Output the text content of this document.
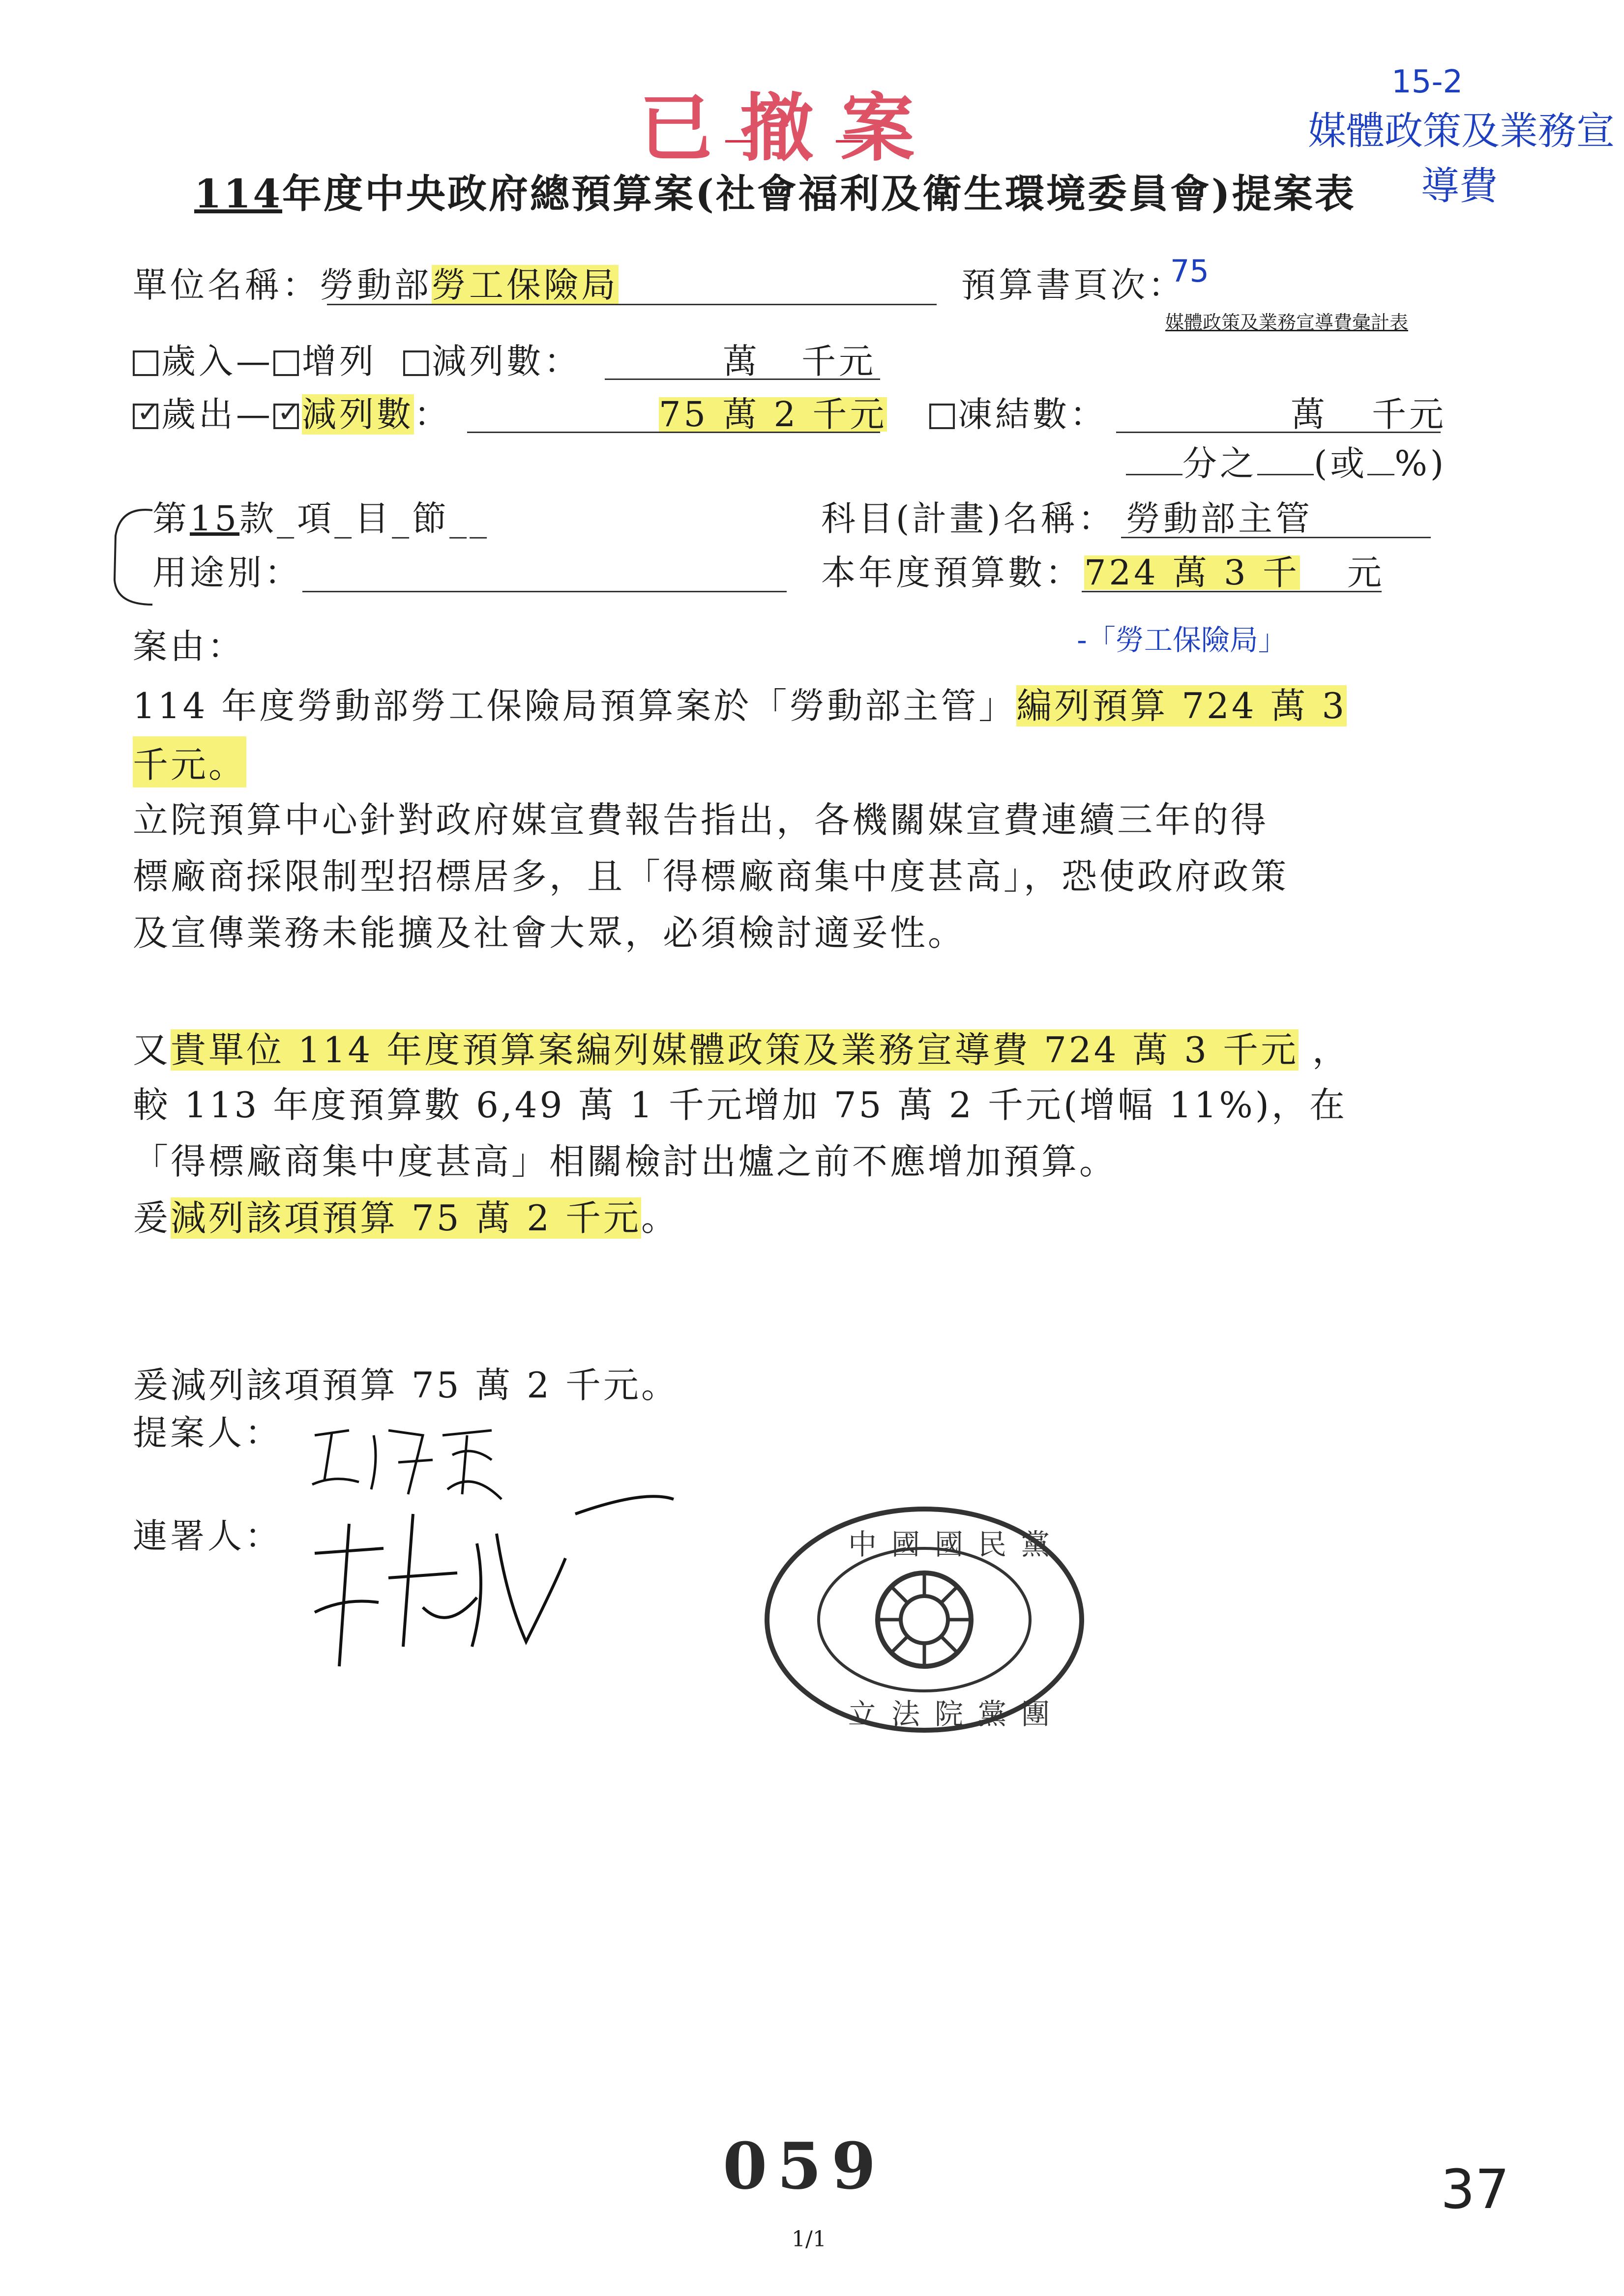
已撤案
15-2
媒體政策及業務宣
導費
114年度中央政府總預算案(社會福利及衛生環境委員會)提案表
單位名稱：勞動部勞工保險局	預算書頁次：
75
媒體政策及業務宣導費彙計表
歲入— 增列 減列數：	萬 千元
✓歲出—✓ 減列數：	75 萬 2 千元	凍結數：	萬 千元
分之 (或 %)
第15款_項_目_節__	科目(計畫)名稱： 勞動部主管
用途別：	本年度預算數： 724 萬 3 千 元
案由：	-「勞工保險局」
114 年度勞動部勞工保險局預算案於「勞動部主管」編列預算 724 萬 3
千元。
立院預算中心針對政府媒宣費報告指出，各機關媒宣費連續三年的得
標廠商採限制型招標居多，且「得標廠商集中度甚高」，恐使政府政策
及宣傳業務未能擴及社會大眾，必須檢討適妥性。
又貴單位 114 年度預算案編列媒體政策及業務宣導費 724 萬 3 千元 ，
較 113 年度預算數 6,49 萬 1 千元增加 75 萬 2 千元(增幅 11%)，在
「得標廠商集中度甚高」相關檢討出爐之前不應增加預算。
爰減列該項預算 75 萬 2 千元。
爰減列該項預算 75 萬 2 千元。
提案人：
連署人：	中國國民黨
立法院黨團
059
1/1
37
